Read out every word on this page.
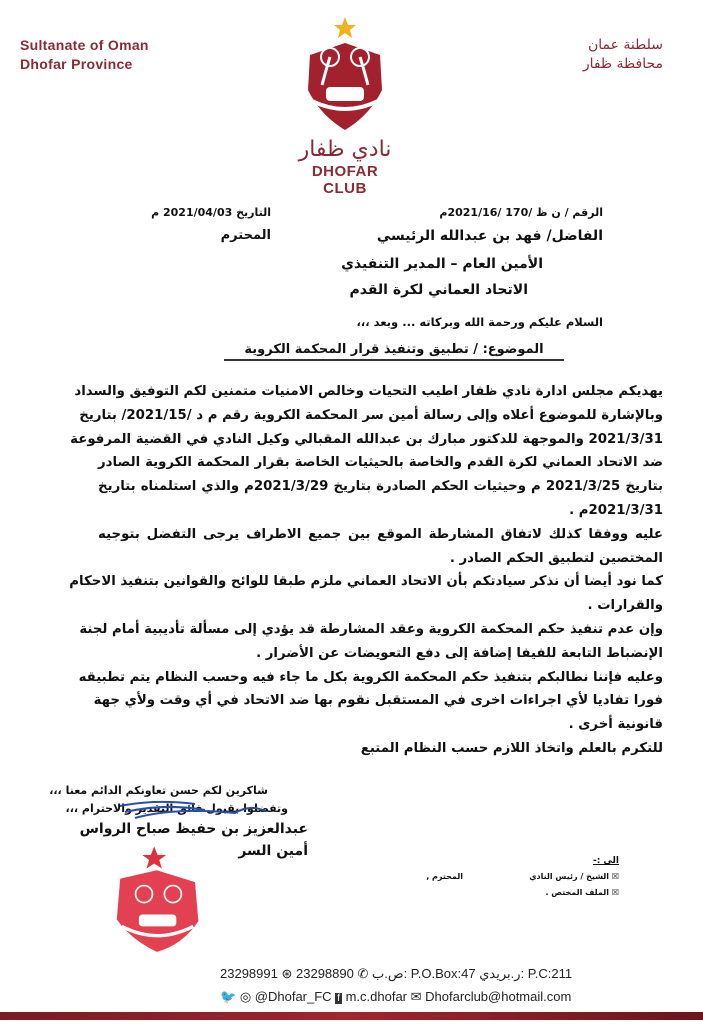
Sultanate of Oman
Dhofar Province
سلطنة عمان
محافظة ظفار
نادي ظفار
DHOFAR CLUB
الرقم / ن ظ /170 /2021/16م
التاريخ 2021/04/03 م
الفاضل/ فهد بن عبدالله الرئيسي
المحترم
الأمين العام – المدير التنفيذي
الاتحاد العماني لكرة القدم
السلام عليكم ورحمة الله وبركاته ... وبعد ،،،
الموضوع: / تطبيق وتنفيذ قرار المحكمة الكروية
يهديكم مجلس ادارة نادي ظفار اطيب التحيات وخالص الامنيات متمنين لكم التوفيق والسداد
وبالإشارة للموضوع أعلاه وإلى رسالة أمين سر المحكمة الكروية رقم م د /2021/15/ بتاريخ
2021/3/31 والموجهة للدكتور مبارك بن عبدالله المقبالي وكيل النادي في القضية المرفوعة
ضد الاتحاد العماني لكرة القدم والخاصة بالحيثيات الخاصة بقرار المحكمة الكروية الصادر
بتاريخ 2021/3/25 م وحيثيات الحكم الصادرة بتاريخ 2021/3/29م والذي استلمناه بتاريخ
2021/3/31م .
عليه ووفقا كذلك لاتفاق المشارطة الموقع بين جميع الاطراف يرجى التفضل بتوجيه
المختصين لتطبيق الحكم الصادر .
كما نود أيضا أن نذكر سيادتكم بأن الاتحاد العماني ملزم طبقا للوائح والقوانين بتنفيذ الاحكام
والقرارات .
وإن عدم تنفيذ حكم المحكمة الكروية وعقد المشارطة قد يؤدي إلى مسألة تأديبية أمام لجنة
الإنضباط التابعة للفيفا إضافة إلى دفع التعويضات عن الأضرار .
وعليه فإننا نطالبكم بتنفيذ حكم المحكمة الكروية بكل ما جاء فيه وحسب النظام يتم تطبيقه
فورا تفاديا لأي اجراءات اخرى في المستقبل نقوم بها ضد الاتحاد في أي وقت ولأي جهة
قانونية أخرى .
للتكرم بالعلم واتخاذ اللازم حسب النظام المتبع
شاكرين لكم حسن تعاونكم الدائم معنا ،،،
وتفضلوا بقبول فائق التقدير والاحترام ،،،
عبدالعزيز بن حفيظ صباح الرواس
أمين السر
الى :-
☒ الشيخ / رئيس النادي
المحترم ,
☒ الملف المختص .
23298991 ⊛ 23298890 ✆ ص.ب: P.O.Box:47 ر.بريدي: P.C:211
🐦 ◎ @Dhofar_FC f m.c.dhofar ✉ Dhofarclub@hotmail.com
